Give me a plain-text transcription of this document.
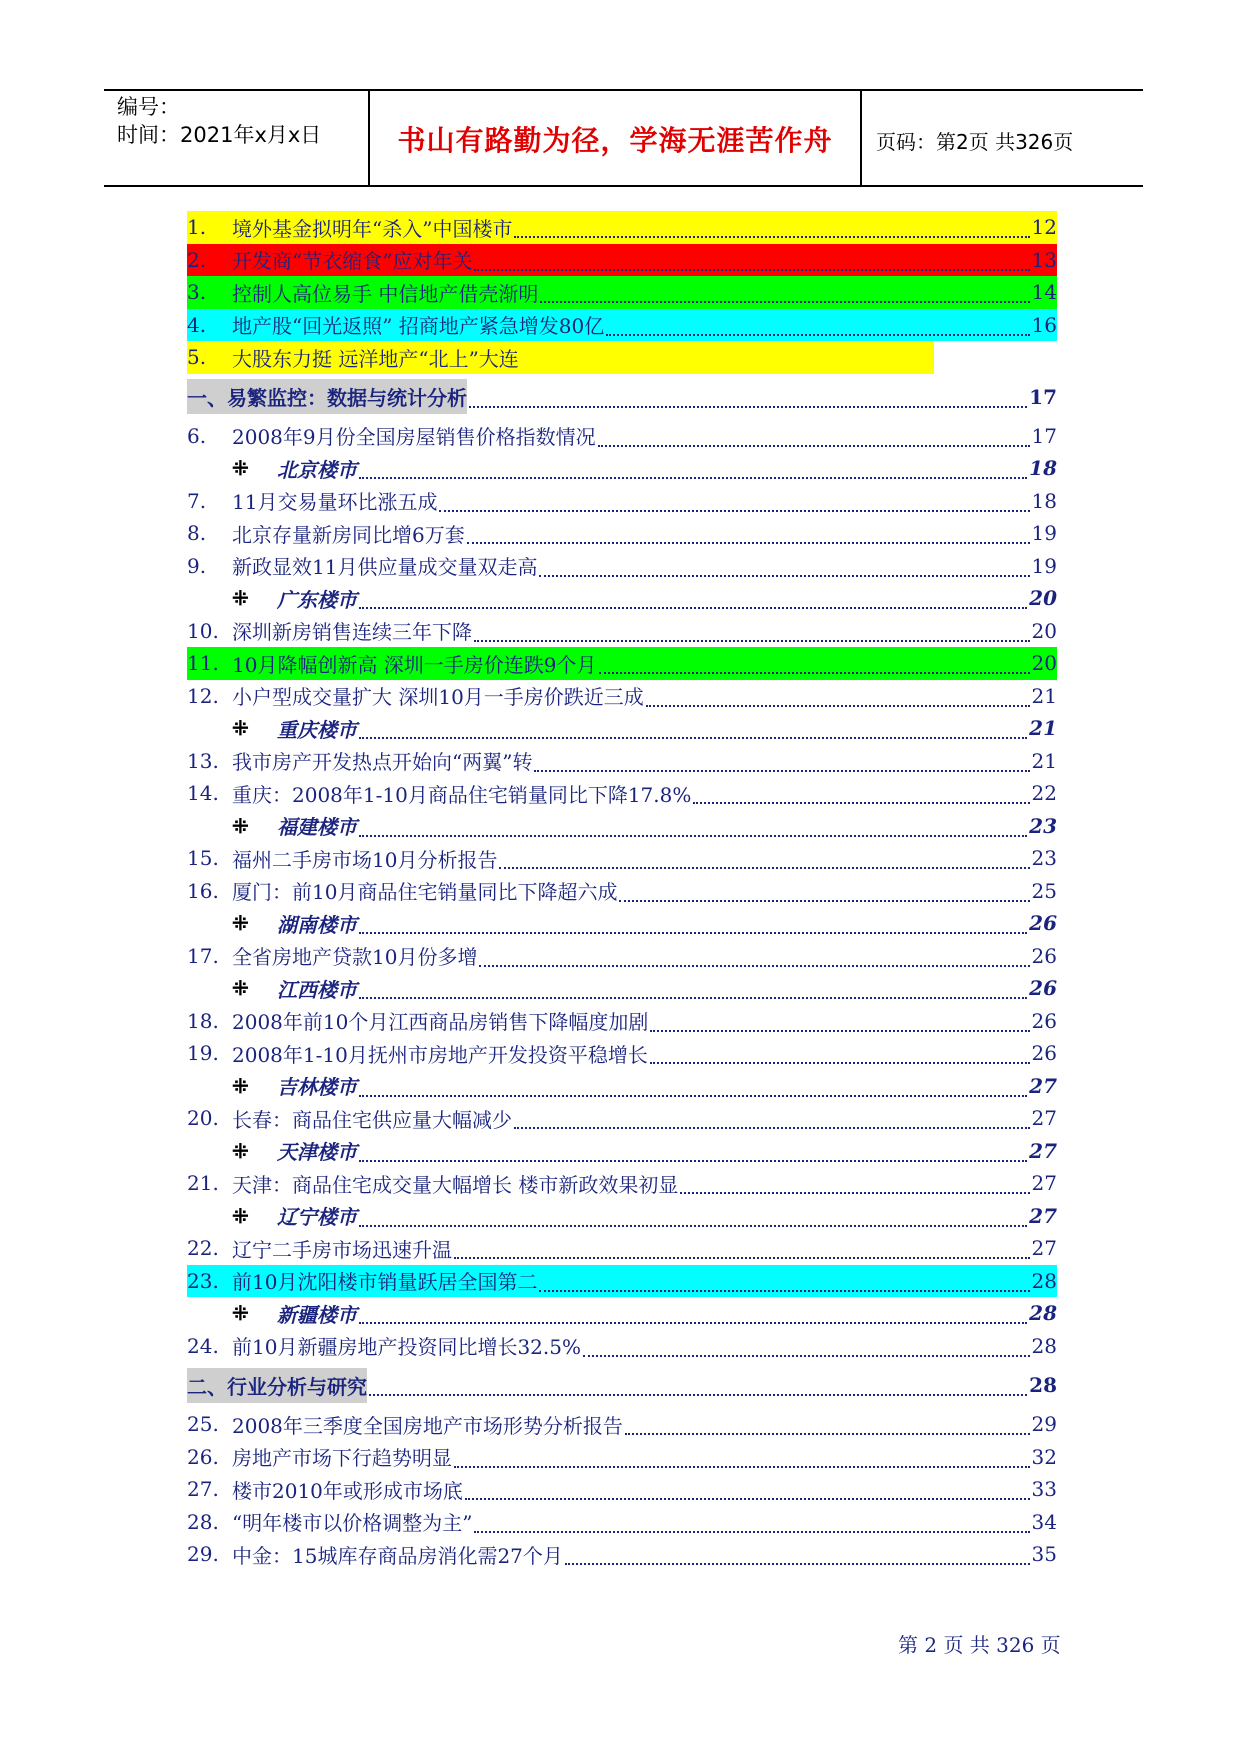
编号：
时间：2021年x月x日	书山有路勤为径，学海无涯苦作舟	页码：第2页 共326页
1.	境外基金拟明年“杀入”中国楼市	12
2.	开发商“节衣缩食”应对年关	13
3.	控制人高位易手 中信地产借壳渐明	14
4.	地产股“回光返照” 招商地产紧急增发80亿	16
5.	大股东力挺 远洋地产“北上”大连
一、易繁监控：数据与统计分析	17
6.	2008年9月份全国房屋销售价格指数情况	17
⁜	北京楼市	18
7.	11月交易量环比涨五成	18
8.	北京存量新房同比增6万套	19
9.	新政显效11月供应量成交量双走高	19
⁜	广东楼市	20
10. 深圳新房销售连续三年下降	20
11. 10月降幅创新高 深圳一手房价连跌9个月	20
12. 小户型成交量扩大 深圳10月一手房价跌近三成	21
⁜	重庆楼市	21
13. 我市房产开发热点开始向“两翼”转	21
14. 重庆：2008年1-10月商品住宅销量同比下降17.8%	22
⁜	福建楼市	23
15. 福州二手房市场10月分析报告	23
16. 厦门：前10月商品住宅销量同比下降超六成	25
⁜	湖南楼市	26
17. 全省房地产贷款10月份多增	26
⁜	江西楼市	26
18. 2008年前10个月江西商品房销售下降幅度加剧	26
19. 2008年1-10月抚州市房地产开发投资平稳增长	26
⁜	吉林楼市	27
20. 长春：商品住宅供应量大幅减少	27
⁜	天津楼市	27
21. 天津：商品住宅成交量大幅增长 楼市新政效果初显	27
⁜	辽宁楼市	27
22. 辽宁二手房市场迅速升温	27
23. 前10月沈阳楼市销量跃居全国第二	28
⁜	新疆楼市	28
24. 前10月新疆房地产投资同比增长32.5%	28
二、行业分析与研究	28
25. 2008年三季度全国房地产市场形势分析报告	29
26. 房地产市场下行趋势明显	32
27. 楼市2010年或形成市场底	33
28. “明年楼市以价格调整为主”	34
29. 中金：15城库存商品房消化需27个月	35
第 2 页 共 326 页
